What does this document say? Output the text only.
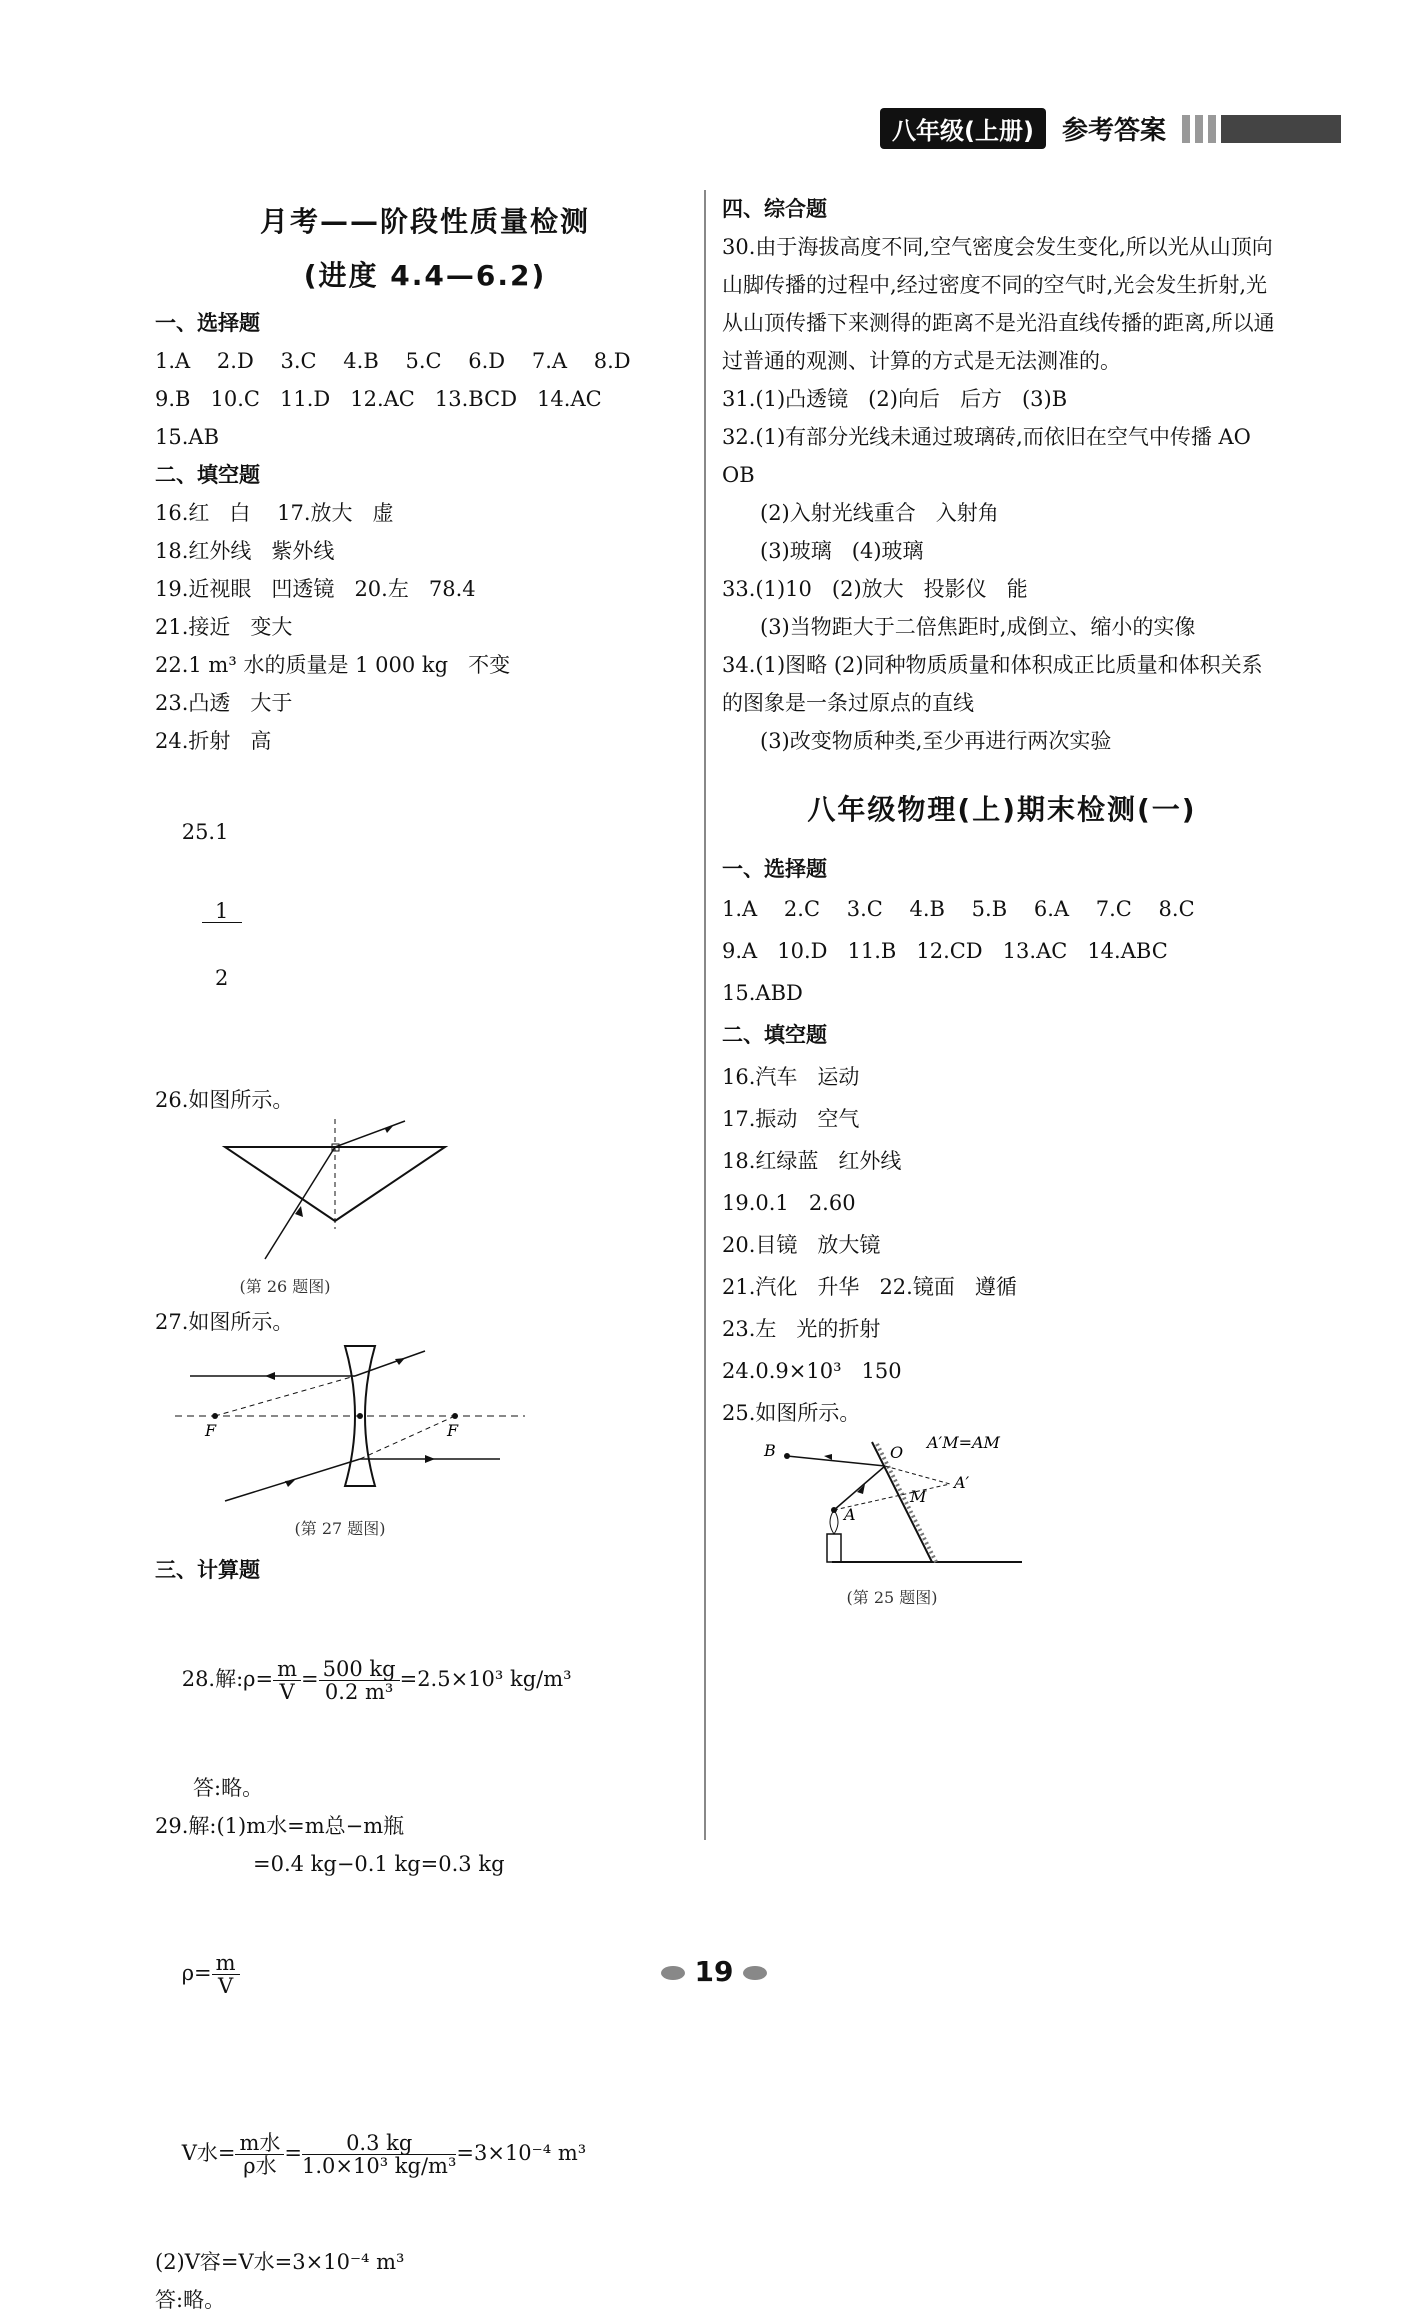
八年级(上册)	参考答案
月考——阶段性质量检测
(进度 4.4—6.2)
一、选择题
1.A    2.D    3.C    4.B    5.C    6.D    7.A    8.D
9.B   10.C   11.D   12.AC   13.BCD   14.AC
15.AB
二、填空题
16.红   白    17.放大   虚
18.红外线   紫外线
19.近视眼   凹透镜   20.左   78.4
21.接近   变大
22.1 m³ 水的质量是 1 000 kg   不变
23.凸透   大于
24.折射   高

25.1

$\frac{1}{2}$

26.如图所示。
(第 26 题图)
27.如图所示。
F	F
(第 27 题图)
三、计算题

28.解:ρ= $\frac{m}{V} = \frac{500 kg}{\text{0.2 m³}} =2.5\times 10^3$ kg/m³

答:略。
29.解:(1)m水=m总−m瓶
=0.4 kg−0.1 kg=0.3 kg

$\rho= \frac{m}{V}$

V水= $\frac{\text{m水}}{\text{ρ水}} = \frac{0.3 kg}{\text{1.0×10³ kg/m³}} =3\times 10^{-4}$ m³

(2)V容=V水=3×10⁻⁴ m³
答:略。
四、综合题
30.由于海拔高度不同,空气密度会发生变化,所以光从山顶向山脚传播的过程中,经过密度不同的空气时,光会发生折射,光从山顶传播下来测得的距离不是光沿直线传播的距离,所以通过普通的观测、计算的方式是无法测准的。
31.(1)凸透镜   (2)向后   后方   (3)B
32.(1)有部分光线未通过玻璃砖,而依旧在空气中传播 AO OB
(2)入射光线重合   入射角
(3)玻璃   (4)玻璃
33.(1)10   (2)放大   投影仪   能
(3)当物距大于二倍焦距时,成倒立、缩小的实像
34.(1)图略 (2)同种物质质量和体积成正比质量和体积关系的图象是一条过原点的直线
(3)改变物质种类,至少再进行两次实验
八年级物理(上)期末检测(一)
一、选择题
1.A    2.C    3.C    4.B    5.B    6.A    7.C    8.C
9.A   10.D   11.B   12.CD   13.AC   14.ABC
15.ABD
二、填空题
16.汽车   运动
17.振动   空气
18.红绿蓝   红外线
19.0.1   2.60
20.目镜   放大镜
21.汽化   升华   22.镜面   遵循
23.左   光的折射
24.0.9×10³   150
25.如图所示。
B	O
A′
M
A
A′M=AM
(第 25 题图)
19
